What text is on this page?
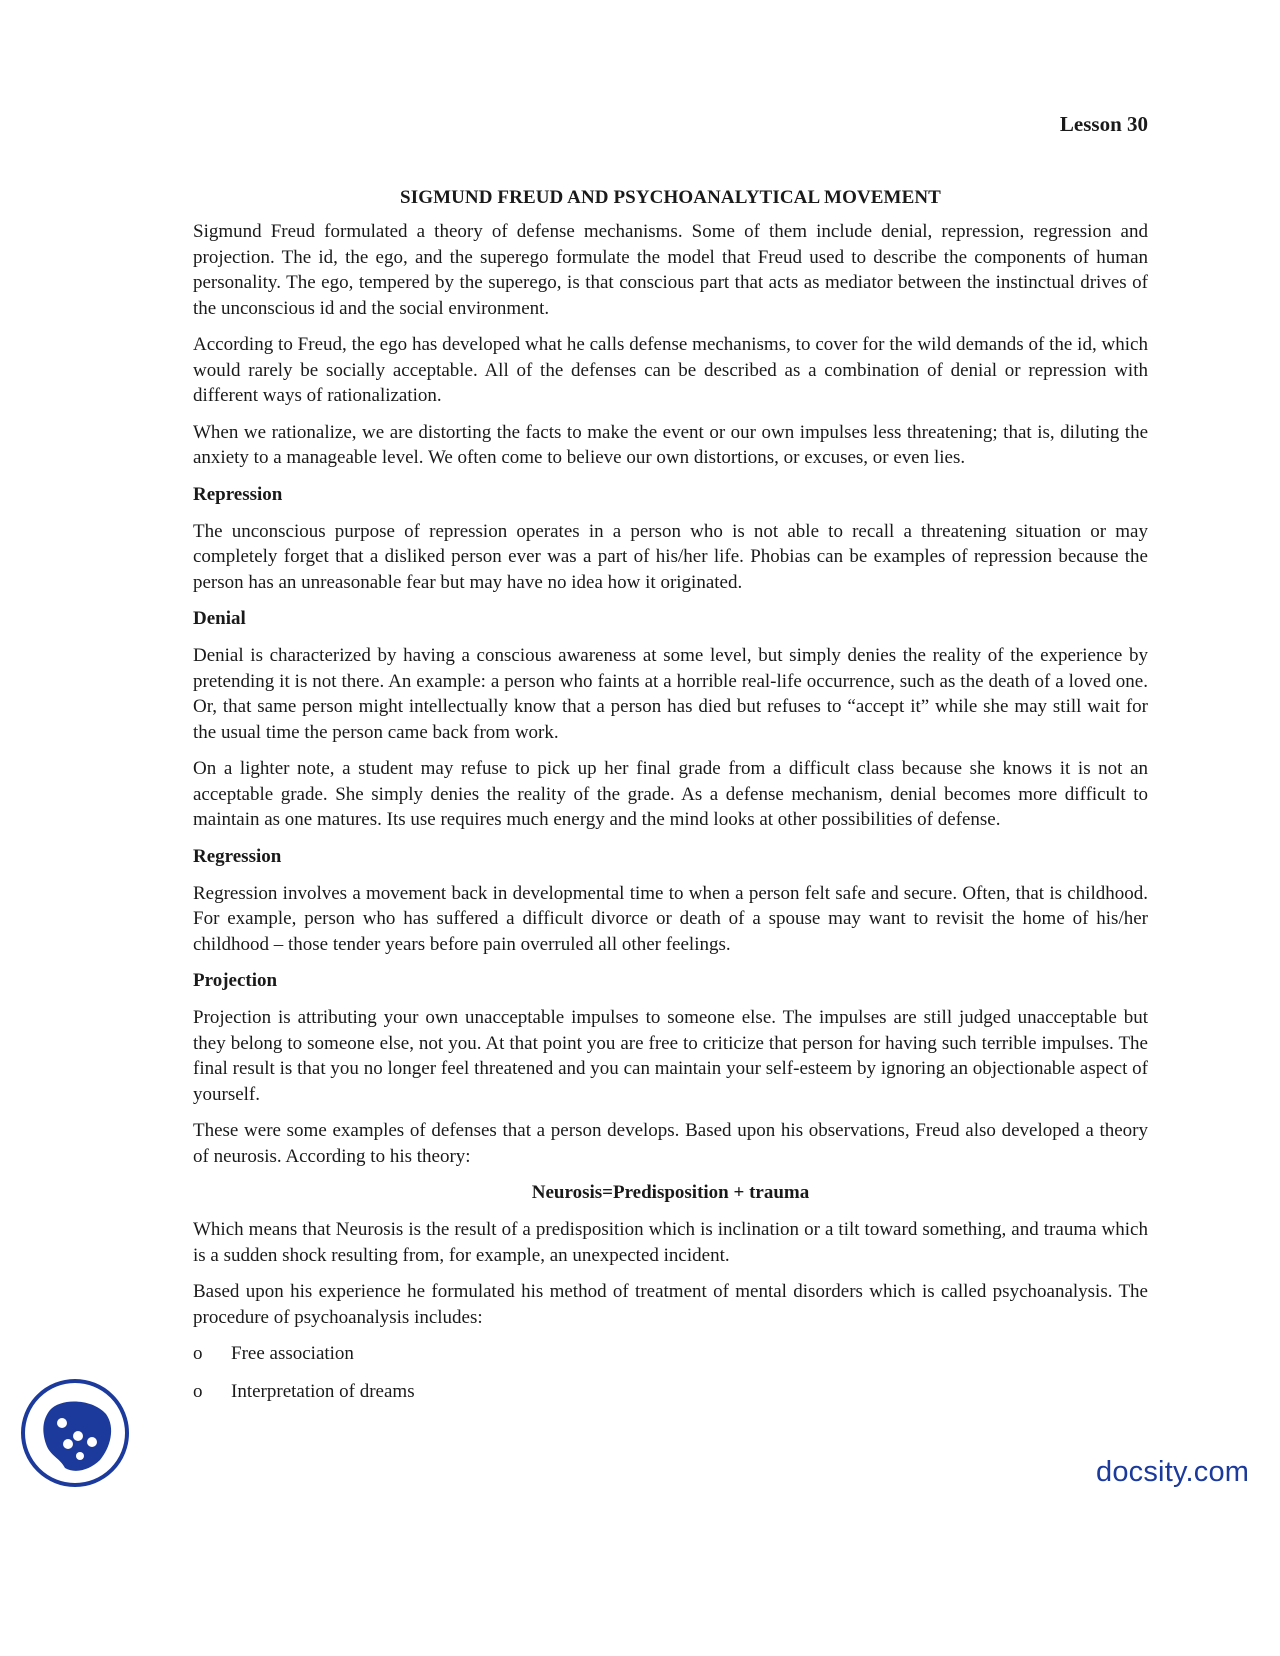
Lesson 30
SIGMUND FREUD AND PSYCHOANALYTICAL MOVEMENT

Sigmund Freud formulated a theory of defense mechanisms. Some of them include denial, repression, regression and projection. The id, the ego, and the superego formulate the model that Freud used to describe the components of human personality. The ego, tempered by the superego, is that conscious part that acts as mediator between the instinctual drives of the unconscious id and the social environment.

According to Freud, the ego has developed what he calls defense mechanisms, to cover for the wild demands of the id, which would rarely be socially acceptable. All of the defenses can be described as a combination of denial or repression with different ways of rationalization.

When we rationalize, we are distorting the facts to make the event or our own impulses less threatening; that is, diluting the anxiety to a manageable level. We often come to believe our own distortions, or excuses, or even lies.

Repression

The unconscious purpose of repression operates in a person who is not able to recall a threatening situation or may completely forget that a disliked person ever was a part of his/her life. Phobias can be examples of repression because the person has an unreasonable fear but may have no idea how it originated.

Denial

Denial is characterized by having a conscious awareness at some level, but simply denies the reality of the experience by pretending it is not there. An example: a person who faints at a horrible real-life occurrence, such as the death of a loved one. Or, that same person might intellectually know that a person has died but refuses to “accept it” while she may still wait for the usual time the person came back from work.

On a lighter note, a student may refuse to pick up her final grade from a difficult class because she knows it is not an acceptable grade. She simply denies the reality of the grade. As a defense mechanism, denial becomes more difficult to maintain as one matures. Its use requires much energy and the mind looks at other possibilities of defense.

Regression

Regression involves a movement back in developmental time to when a person felt safe and secure. Often, that is childhood. For example, person who has suffered a difficult divorce or death of a spouse may want to revisit the home of his/her childhood – those tender years before pain overruled all other feelings.

Projection

Projection is attributing your own unacceptable impulses to someone else. The impulses are still judged unacceptable but they belong to someone else, not you. At that point you are free to criticize that person for having such terrible impulses. The final result is that you no longer feel threatened and you can maintain your self-esteem by ignoring an objectionable aspect of yourself.

These were some examples of defenses that a person develops. Based upon his observations, Freud also developed a theory of neurosis. According to his theory:

Neurosis=Predisposition + trauma

Which means that Neurosis is the result of a predisposition which is inclination or a tilt toward something, and trauma which is a sudden shock resulting from, for example, an unexpected incident.

Based upon his experience he formulated his method of treatment of mental disorders which is called psychoanalysis. The procedure of psychoanalysis includes:

o	Free association
o	Interpretation of dreams
docsity.com
